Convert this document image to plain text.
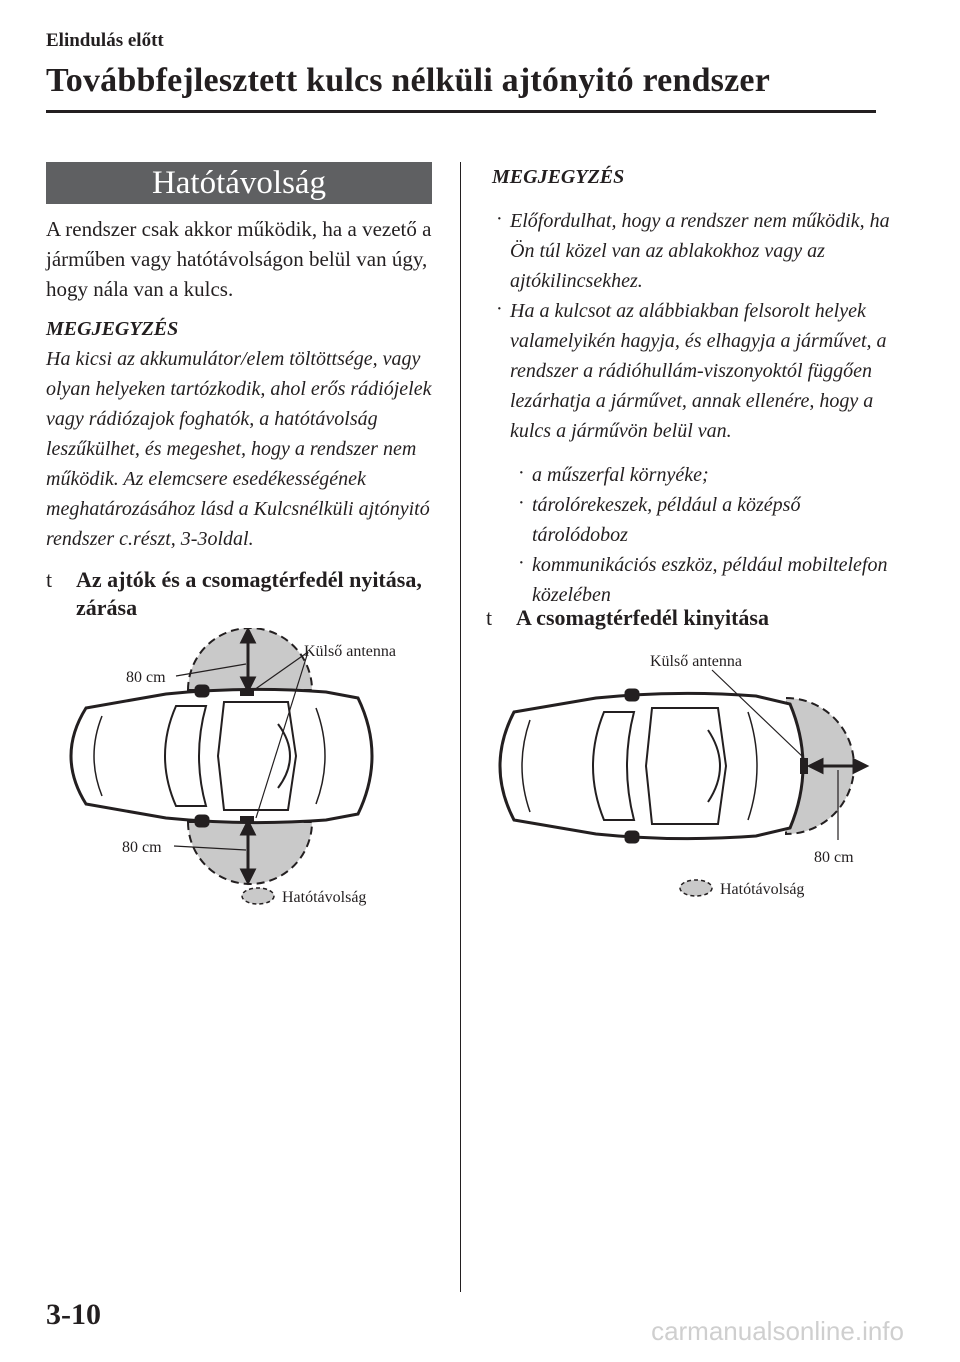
Elindulás előtt
Továbbfejlesztett kulcs nélküli ajtónyitó rendszer
Hatótávolság
A rendszer csak akkor működik, ha a vezető a járműben vagy hatótávolságon belül van úgy, hogy nála van a kulcs.
MEGJEGYZÉS
Ha kicsi az akkumulátor/elem töltöttsége, vagy olyan helyeken tartózkodik, ahol erős rádiójelek vagy rádiózajok foghatók, a hatótávolság leszűkülhet, és megeshet, hogy a rendszer nem működik. Az elemcsere esedékességének meghatározásához lásd a Kulcsnélküli ajtónyitó rendszer c.részt, 3-3oldal.
t	Az ajtók és a csomagtérfedél nyitása, zárása
80 cm
80 cm
Külső antenna
Hatótávolság
MEGJEGYZÉS
· Előfordulhat, hogy a rendszer nem működik, ha Ön túl közel van az ablakokhoz vagy az ajtókilincsekhez.
· Ha a kulcsot az alábbiakban felsorolt helyek valamelyikén hagyja, és elhagyja a járművet, a rendszer a rádióhullám-viszonyoktól függően lezárhatja a járművet, annak ellenére, hogy a kulcs a járművön belül van.
· a műszerfal környéke;
· tárolórekeszek, például a középső tárolódoboz
· kommunikációs eszköz, például mobiltelefon közelében
t	A csomagtérfedél kinyitása
Külső antenna
80 cm
Hatótávolság
3-10	carmanualsonline.info
